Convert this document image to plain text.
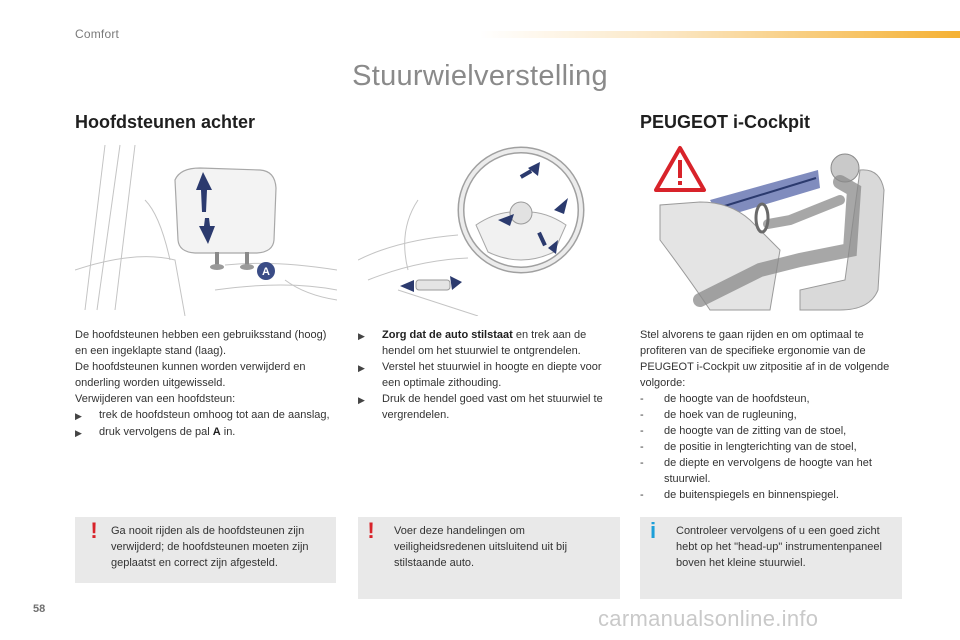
Comfort
Stuurwielverstelling
Hoofdsteunen achter	PEUGEOT i-Cockpit
A
De hoofdsteunen hebben een gebruiksstand (hoog) en een ingeklapte stand (laag).
De hoofdsteunen kunnen worden verwijderd en onderling worden uitgewisseld.
Verwijderen van een hoofdsteun:
▶	trek de hoofdsteun omhoog tot aan de aanslag,
▶	druk vervolgens de pal A in.
▶	Zorg dat de auto stilstaat en trek aan de hendel om het stuurwiel te ontgrendelen.
▶	Verstel het stuurwiel in hoogte en diepte voor een optimale zithouding.
▶	Druk de hendel goed vast om het stuurwiel te vergrendelen.
Stel alvorens te gaan rijden en om optimaal te profiteren van de specifieke ergonomie van de PEUGEOT i-Cockpit uw zitpositie af in de volgende volgorde:
-	de hoogte van de hoofdsteun,
-	de hoek van de rugleuning,
-	de hoogte van de zitting van de stoel,
-	de positie in lengterichting van de stoel,
-	de diepte en vervolgens de hoogte van het stuurwiel.
-	de buitenspiegels en binnenspiegel.
!	Ga nooit rijden als de hoofdsteunen zijn verwijderd; de hoofdsteunen moeten zijn geplaatst en correct zijn afgesteld.
!	Voer deze handelingen om veiligheidsredenen uitsluitend uit bij stilstaande auto.
i	Controleer vervolgens of u een goed zicht hebt op het "head-up" instrumentenpaneel boven het kleine stuurwiel.
58	carmanualsonline.info
